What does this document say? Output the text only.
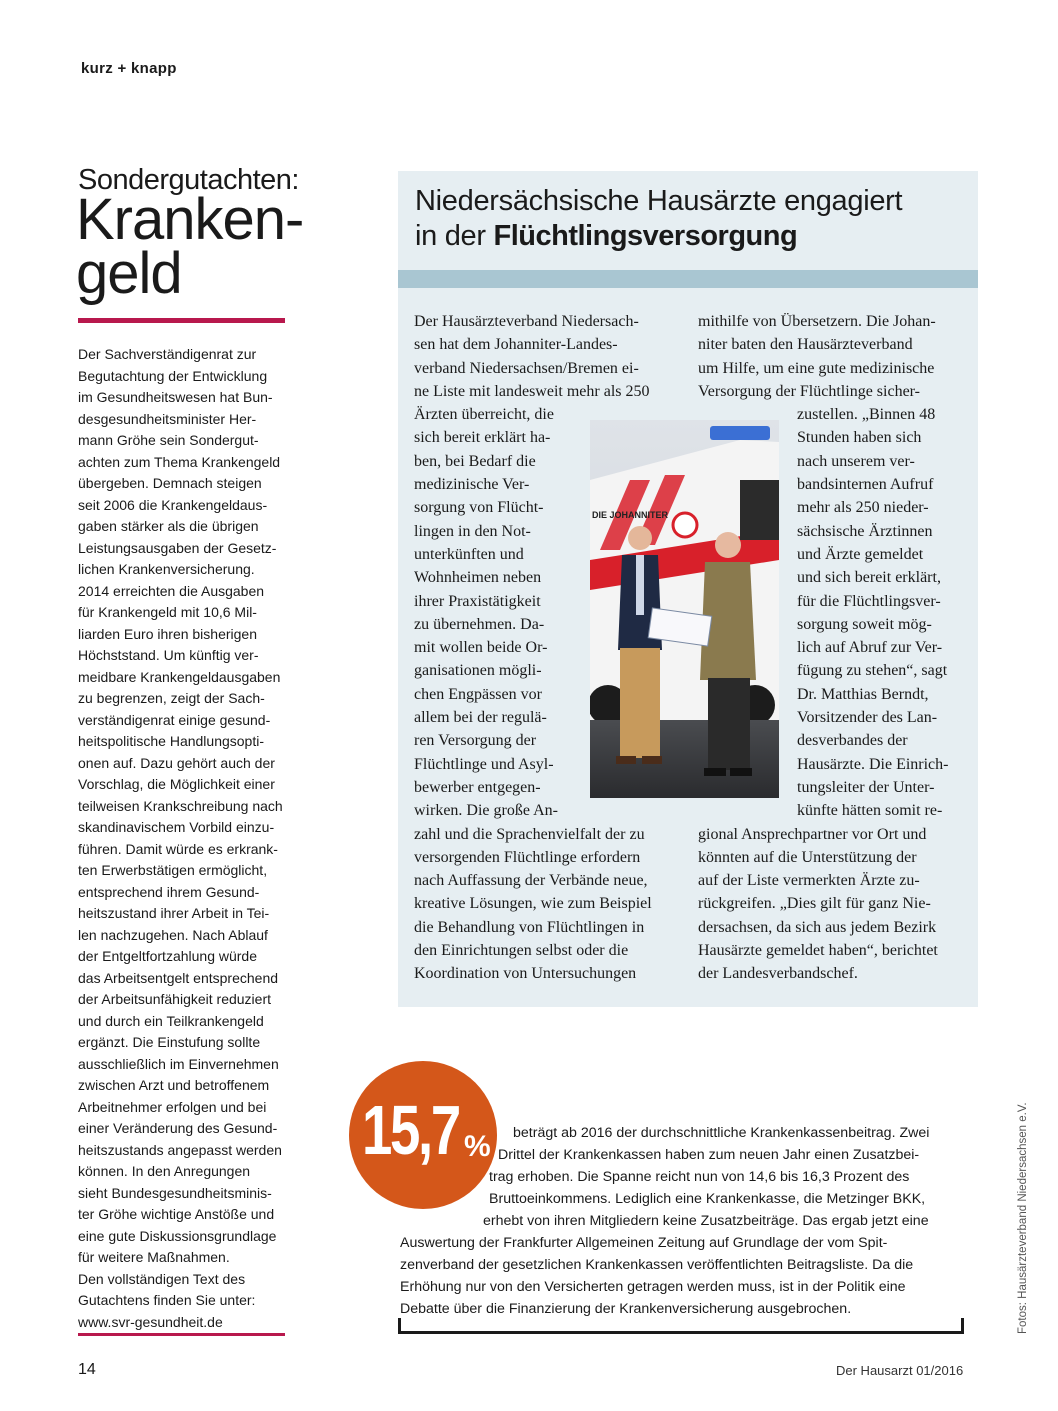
kurz + knapp
Sondergutachten:
Kranken-
geld
Der Sachverständigenrat zur
Begutachtung der Entwicklung
im Gesundheitswesen hat Bun-
desgesundheitsminister Her-
mann Gröhe sein Sondergut-
achten zum Thema Krankengeld
übergeben. Demnach steigen
seit 2006 die Krankengeldaus-
gaben stärker als die übrigen
Leistungsausgaben der Gesetz-
lichen Krankenversicherung.
2014 erreichten die Ausgaben
für Krankengeld mit 10,6 Mil-
liarden Euro ihren bisherigen
Höchststand. Um künftig ver-
meidbare Krankengeldausgaben
zu begrenzen, zeigt der Sach-
verständigenrat einige gesund-
heitspolitische Handlungsopti-
onen auf. Dazu gehört auch der
Vorschlag, die Möglichkeit einer
teilweisen Krankschreibung nach
skandinavischem Vorbild einzu-
führen. Damit würde es erkrank-
ten Erwerbstätigen ermöglicht,
entsprechend ihrem Gesund-
heitszustand ihrer Arbeit in Tei-
len nachzugehen. Nach Ablauf
der Entgeltfortzahlung würde
das Arbeitsentgelt entsprechend
der Arbeitsunfähigkeit reduziert
und durch ein Teilkrankengeld
ergänzt. Die Einstufung sollte
ausschließlich im Einvernehmen
zwischen Arzt und betroffenem
Arbeitnehmer erfolgen und bei
einer Veränderung des Gesund-
heitszustands angepasst werden
können. In den Anregungen
sieht Bundesgesundheitsminis-
ter Gröhe wichtige Anstöße und
eine gute Diskussionsgrundlage
für weitere Maßnahmen.
Den vollständigen Text des
Gutachtens finden Sie unter:
www.svr-gesundheit.de
Niedersächsische Hausärzte engagiert
in der Flüchtlingsversorgung
Der Hausärzteverband Niedersach-
sen hat dem Johanniter-Landes-
verband Niedersachsen/Bremen ei-
ne Liste mit landesweit mehr als 250
Ärzten überreicht, die
sich bereit erklärt ha-
ben, bei Bedarf die
medizinische Ver-
sorgung von Flücht-
lingen in den Not-
unterkünften und
Wohnheimen neben
ihrer Praxistätigkeit
zu übernehmen. Da-
mit wollen beide Or-
ganisationen mögli-
chen Engpässen vor
allem bei der regulä-
ren Versorgung der
Flüchtlinge und Asyl-
bewerber entgegen-
wirken. Die große An-
zahl und die Sprachenvielfalt der zu
versorgenden Flüchtlinge erfordern
nach Auffassung der Verbände neue,
kreative Lösungen, wie zum Beispiel
die Behandlung von Flüchtlingen in
den Einrichtungen selbst oder die
Koordination von Untersuchungen
mithilfe von Übersetzern. Die Johan-
niter baten den Hausärzteverband
um Hilfe, um eine gute medizinische
Versorgung der Flüchtlinge sicher-
zustellen. „Binnen 48
Stunden haben sich
nach unserem ver-
bandsinternen Aufruf
mehr als 250 nieder-
sächsische Ärztinnen
und Ärzte gemeldet
und sich bereit erklärt,
für die Flüchtlingsver-
sorgung soweit mög-
lich auf Abruf zur Ver-
fügung zu stehen“, sagt
Dr. Matthias Berndt,
Vorsitzender des Lan-
desverbandes der
Hausärzte. Die Einrich-
tungsleiter der Unter-
künfte hätten somit re-
gional Ansprechpartner vor Ort und
könnten auf die Unterstützung der
auf der Liste vermerkten Ärzte zu-
rückgreifen. „Dies gilt für ganz Nie-
dersachsen, da sich aus jedem Bezirk
Hausärzte gemeldet haben“, berichtet
der Landesverbandschef.
DIE JOHANNITER
15,7 %	beträgt ab 2016 der durchschnittliche Krankenkassenbeitrag. Zwei
Drittel der Krankenkassen haben zum neuen Jahr einen Zusatzbei-
trag erhoben. Die Spanne reicht nun von 14,6 bis 16,3 Prozent des
Bruttoeinkommens. Lediglich eine Krankenkasse, die Metzinger BKK,
erhebt von ihren Mitgliedern keine Zusatzbeiträge. Das ergab jetzt eine
Auswertung der Frankfurter Allgemeinen Zeitung auf Grundlage der vom Spit-
zenverband der gesetzlichen Krankenkassen veröffentlichten Beitragsliste. Da die
Erhöhung nur von den Versicherten getragen werden muss, ist in der Politik eine
Debatte über die Finanzierung der Krankenversicherung ausgebrochen.	Fotos: Hausärzteverband Niedersachsen e.V.
14	Der Hausarzt 01/2016
